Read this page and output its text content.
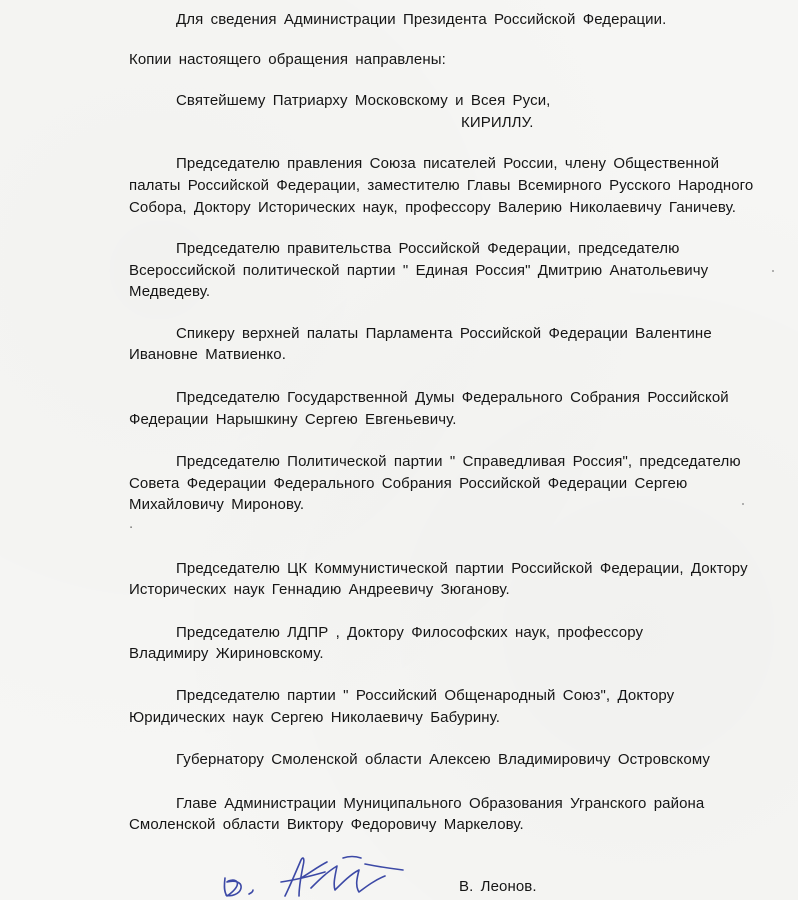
Для сведения Администрации Президента Российской Федерации.
Копии настоящего обращения направлены:
Святейшему Патриарху Московскому и Всея Руси,
КИРИЛЛУ.
Председателю правления Союза писателей России, члену Общественной
палаты Российской Федерации, заместителю Главы Всемирного Русского Народного
Собора, Доктору Исторических наук, профессору Валерию Николаевичу Ганичеву.
Председателю правительства Российской Федерации, председателю
Всероссийской политической партии " Единая Россия" Дмитрию Анатольевичу
Медведеву.
Спикеру верхней палаты Парламента Российской Федерации Валентине
Ивановне Матвиенко.
Председателю Государственной Думы Федерального Собрания Российской
Федерации Нарышкину Сергею Евгеньевичу.
Председателю Политической партии " Справедливая Россия", председателю
Совета Федерации Федерального Собрания Российской Федерации Сергею
Михайловичу Миронову.
.
Председателю ЦК Коммунистической партии Российской Федерации, Доктору
Исторических наук Геннадию Андреевичу Зюганову.
Председателю ЛДПР , Доктору Философских наук, профессору
Владимиру Жириновскому.
Председателю партии " Российский Общенародный Союз", Доктору
Юридических наук Сергею Николаевичу Бабурину.
Губернатору Смоленской области Алексею Владимировичу Островскому
Главе Администрации Муниципального Образования Угранского района
Смоленской области Виктору Федоровичу Маркелову.
В. Леонов.
